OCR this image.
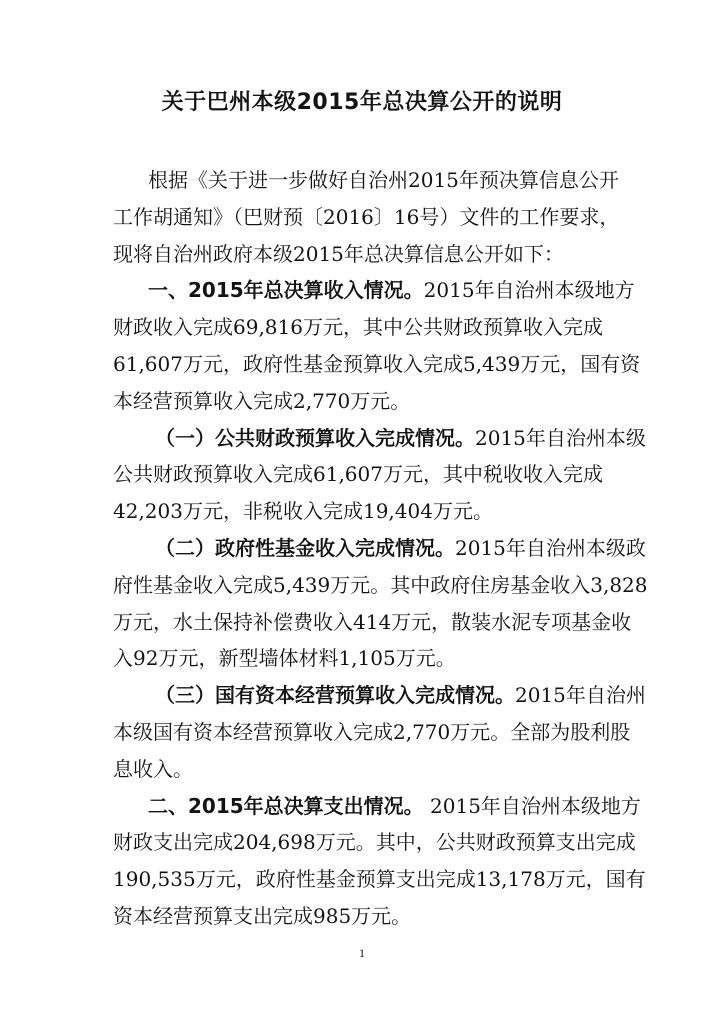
关于巴州本级2015年总决算公开的说明
根据《关于进一步做好自治州2015年预决算信息公开
工作胡通知》（巴财预〔2016〕16号）文件的工作要求，
现将自治州政府本级2015年总决算信息公开如下：
一、2015年总决算收入情况。2015年自治州本级地方
财政收入完成69,816万元，其中公共财政预算收入完成
61,607万元，政府性基金预算收入完成5,439万元，国有资
本经营预算收入完成2,770万元。
（一）公共财政预算收入完成情况。2015年自治州本级
公共财政预算收入完成61,607万元，其中税收收入完成
42,203万元，非税收入完成19,404万元。
（二）政府性基金收入完成情况。2015年自治州本级政
府性基金收入完成5,439万元。其中政府住房基金收入3,828
万元，水土保持补偿费收入414万元，散装水泥专项基金收
入92万元，新型墙体材料1,105万元。
（三）国有资本经营预算收入完成情况。2015年自治州
本级国有资本经营预算收入完成2,770万元。全部为股利股
息收入。
二、2015年总决算支出情况。 2015年自治州本级地方
财政支出完成204,698万元。其中，公共财政预算支出完成
190,535万元，政府性基金预算支出完成13,178万元，国有
资本经营预算支出完成985万元。
1
